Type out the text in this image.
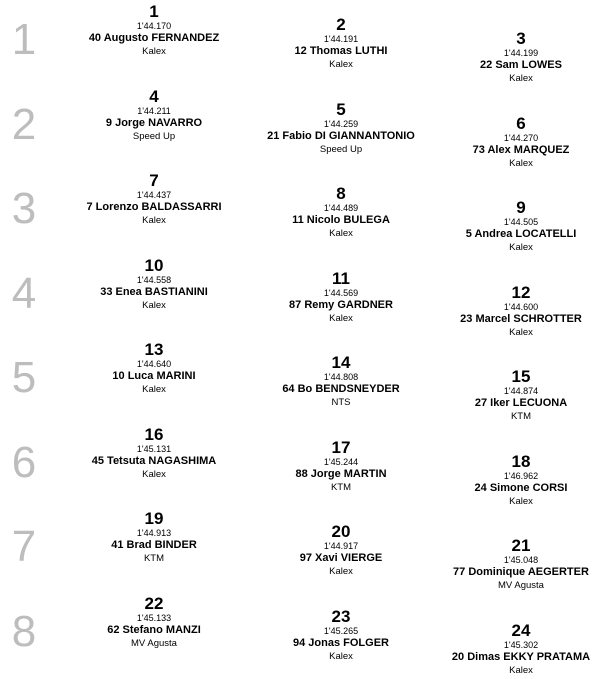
1
1
1'44.170
40 Augusto FERNANDEZ
Kalex
2
1'44.191
12 Thomas LUTHI
Kalex
3
1'44.199
22 Sam LOWES
Kalex
2
4
1'44.211
9 Jorge NAVARRO
Speed Up
5
1'44.259
21 Fabio DI GIANNANTONIO
Speed Up
6
1'44.270
73 Alex MARQUEZ
Kalex
3
7
1'44.437
7 Lorenzo BALDASSARRI
Kalex
8
1'44.489
11 Nicolo BULEGA
Kalex
9
1'44.505
5 Andrea LOCATELLI
Kalex
4
10
1'44.558
33 Enea BASTIANINI
Kalex
11
1'44.569
87 Remy GARDNER
Kalex
12
1'44.600
23 Marcel SCHROTTER
Kalex
5
13
1'44.640
10 Luca MARINI
Kalex
14
1'44.808
64 Bo BENDSNEYDER
NTS
15
1'44.874
27 Iker LECUONA
KTM
6
16
1'45.131
45 Tetsuta NAGASHIMA
Kalex
17
1'45.244
88 Jorge MARTIN
KTM
18
1'46.962
24 Simone CORSI
Kalex
7
19
1'44.913
41 Brad BINDER
KTM
20
1'44.917
97 Xavi VIERGE
Kalex
21
1'45.048
77 Dominique AEGERTER
MV Agusta
8
22
1'45.133
62 Stefano MANZI
MV Agusta
23
1'45.265
94 Jonas FOLGER
Kalex
24
1'45.302
20 Dimas EKKY PRATAMA
Kalex
